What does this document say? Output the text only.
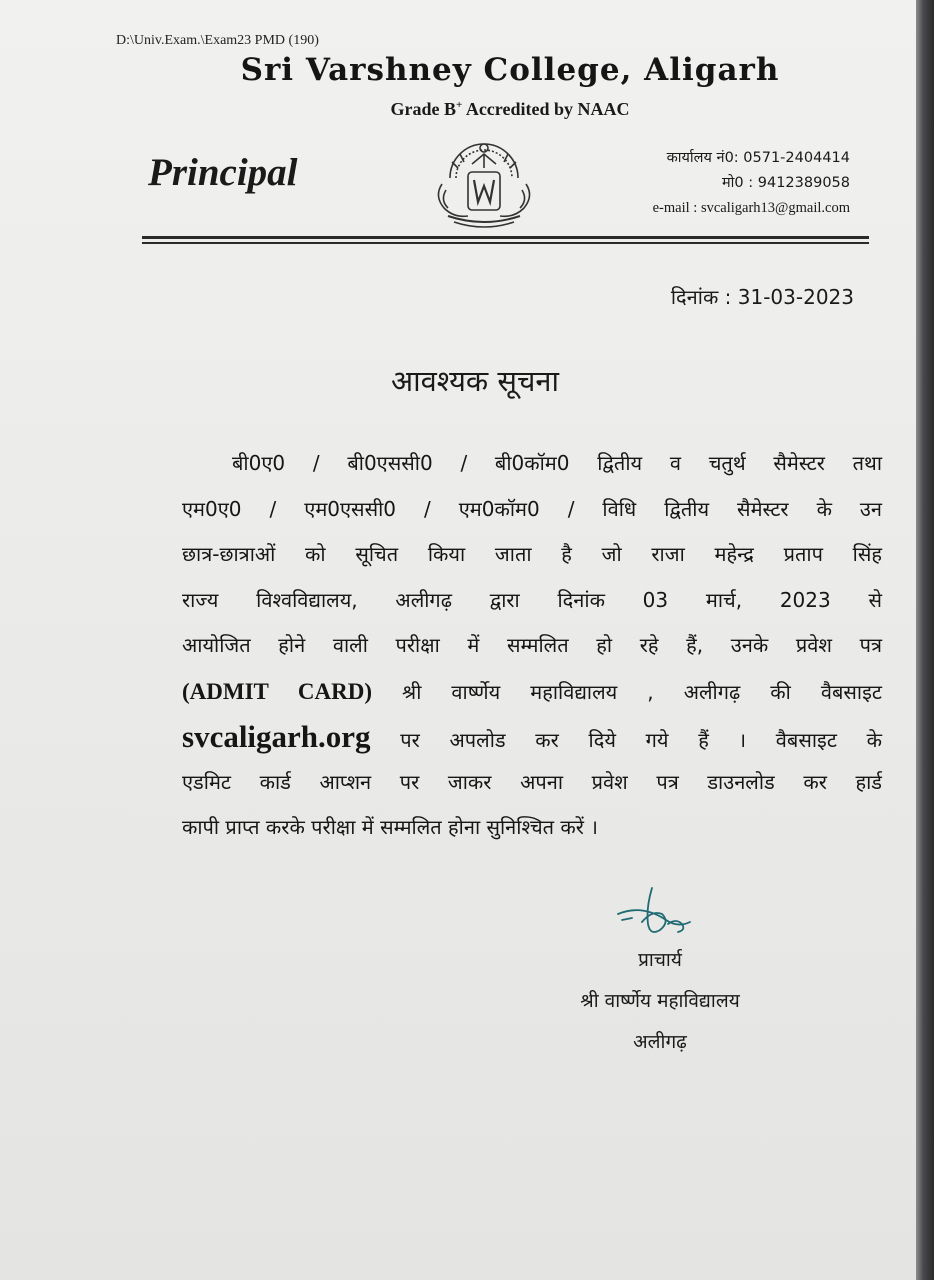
D:\Univ.Exam.\Exam23 PMD (190)
Sri Varshney College, Aligarh
Grade B+ Accredited by NAAC
Principal	कार्यालय नं0: 0571-2404414
मो0 : 9412389058
e-mail : svcaligarh13@gmail.com
दिनांक : 31-03-2023
आवश्यक सूचना
बी0ए0 / बी0एससी0 / बी0कॉम0 द्वितीय व चतुर्थ सैमेस्टर तथा
एम0ए0 / एम0एससी0 / एम0कॉम0 / विधि द्वितीय सैमेस्टर के उन
छात्र-छात्राओं को सूचित किया जाता है जो राजा महेन्द्र प्रताप सिंह
राज्य विश्वविद्यालय, अलीगढ़ द्वारा दिनांक 03 मार्च, 2023 से
आयोजित होने वाली परीक्षा में सम्मलित हो रहे हैं, उनके प्रवेश पत्र
(ADMIT CARD) श्री वार्ष्णेय महाविद्यालय , अलीगढ़ की वैबसाइट
svcaligarh.org पर अपलोड कर दिये गये हैं । वैबसाइट के
एडमिट कार्ड आप्शन पर जाकर अपना प्रवेश पत्र डाउनलोड कर हार्ड
कापी प्राप्त करके परीक्षा में सम्मलित होना सुनिश्चित करें ।
प्राचार्य
श्री वार्ष्णेय महाविद्यालय
अलीगढ़
